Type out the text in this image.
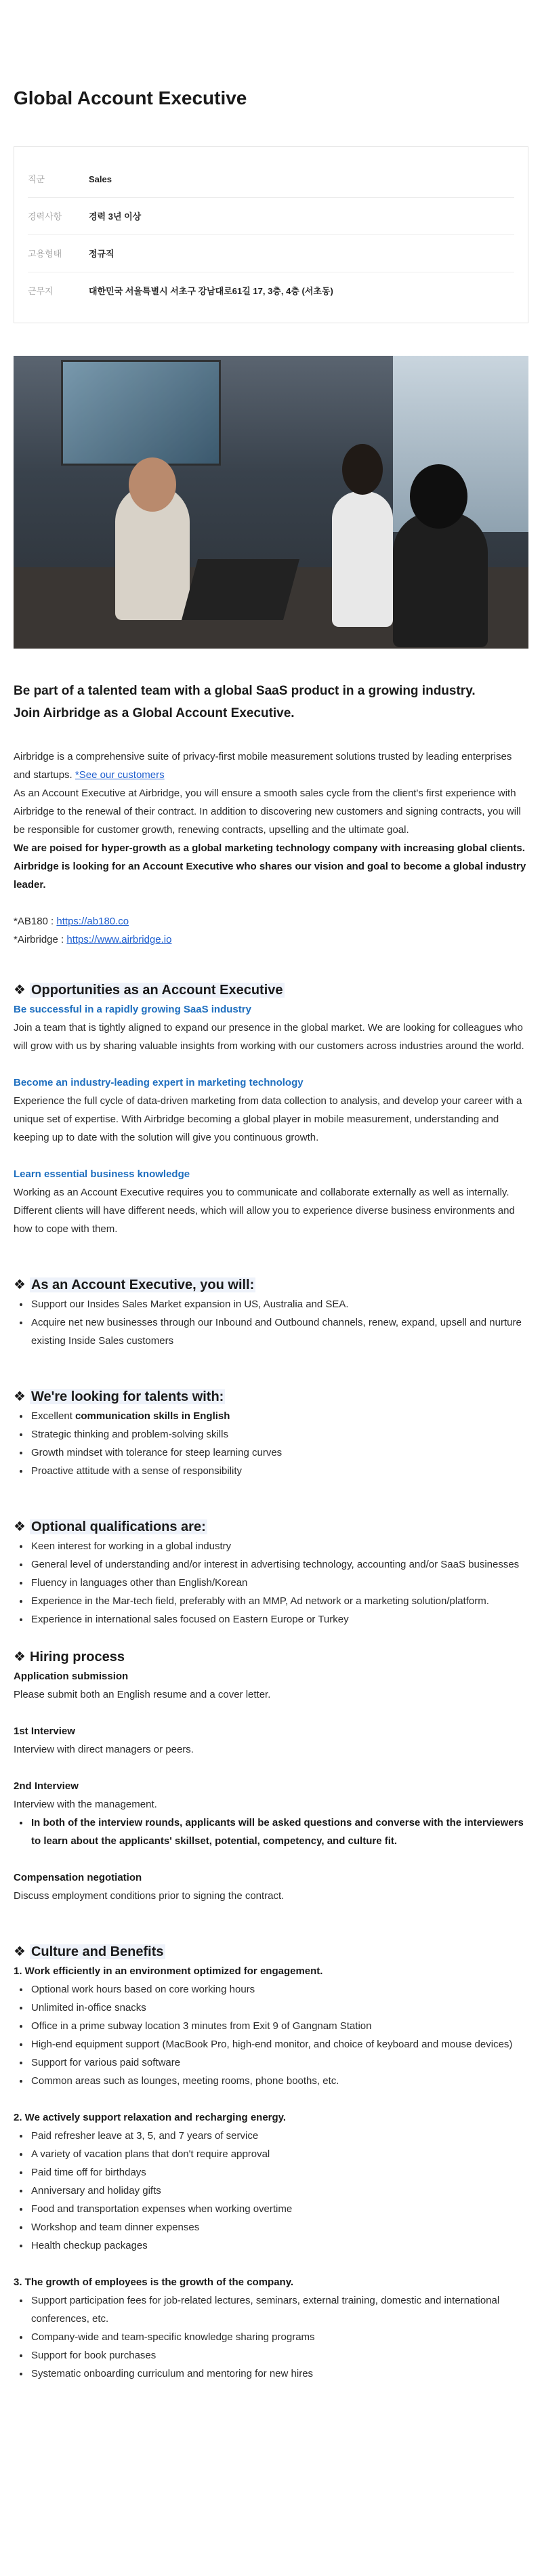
Global Account Executive
직군	Sales
경력사항	경력 3년 이상
고용형태	정규직
근무지	대한민국 서울특별시 서초구 강남대로61길 17, 3층, 4층 (서초동)
Be part of a talented team with a global SaaS product in a growing industry.
Join Airbridge as a Global Account Executive.

Airbridge is a comprehensive suite of privacy-first mobile measurement solutions trusted by leading enterprises and startups. *See our customers

As an Account Executive at Airbridge, you will ensure a smooth sales cycle from the client's first experience with Airbridge to the renewal of their contract. In addition to discovering new customers and signing contracts, you will be responsible for customer growth, renewing contracts, upselling and the ultimate goal.

We are poised for hyper-growth as a global marketing technology company with increasing global clients. Airbridge is looking for an Account Executive who shares our vision and goal to become a global industry leader.

*AB180 : https://ab180.co

*Airbridge : https://www.airbridge.io

❖ Opportunities as an Account Executive

Be successful in a rapidly growing SaaS industry

Join a team that is tightly aligned to expand our presence in the global market. We are looking for colleagues who will grow with us by sharing valuable insights from working with our customers across industries around the world.

Become an industry-leading expert in marketing technology

Experience the full cycle of data-driven marketing from data collection to analysis, and develop your career with a unique set of expertise. With Airbridge becoming a global player in mobile measurement, understanding and keeping up to date with the solution will give you continuous growth.

Learn essential business knowledge

Working as an Account Executive requires you to communicate and collaborate externally as well as internally. Different clients will have different needs, which will allow you to experience diverse business environments and how to cope with them.

❖ As an Account Executive, you will:
• Support our Insides Sales Market expansion in US, Australia and SEA.
• Acquire net new businesses through our Inbound and Outbound channels, renew, expand, upsell and nurture existing Inside Sales customers
❖ We're looking for talents with:
• Excellent communication skills in English
• Strategic thinking and problem-solving skills
• Growth mindset with tolerance for steep learning curves
• Proactive attitude with a sense of responsibility
❖ Optional qualifications are:
• Keen interest for working in a global industry
• General level of understanding and/or interest in advertising technology, accounting and/or SaaS businesses
• Fluency in languages other than English/Korean
• Experience in the Mar-tech field, preferably with an MMP, Ad network or a marketing solution/platform.
• Experience in international sales focused on Eastern Europe or Turkey
❖ Hiring process

Application submission

Please submit both an English resume and a cover letter.

1st Interview

Interview with direct managers or peers.

2nd Interview

Interview with the management.

• In both of the interview rounds, applicants will be asked questions and converse with the interviewers to learn about the applicants' skillset, potential, competency, and culture fit.

Compensation negotiation

Discuss employment conditions prior to signing the contract.

❖ Culture and Benefits

1. Work efficiently in an environment optimized for engagement.

• Optional work hours based on core working hours
• Unlimited in-office snacks
• Office in a prime subway location 3 minutes from Exit 9 of Gangnam Station
• High-end equipment support (MacBook Pro, high-end monitor, and choice of keyboard and mouse devices)
• Support for various paid software
• Common areas such as lounges, meeting rooms, phone booths, etc.

2. We actively support relaxation and recharging energy.

• Paid refresher leave at 3, 5, and 7 years of service
• A variety of vacation plans that don't require approval
• Paid time off for birthdays
• Anniversary and holiday gifts
• Food and transportation expenses when working overtime
• Workshop and team dinner expenses
• Health checkup packages

3. The growth of employees is the growth of the company.

• Support participation fees for job-related lectures, seminars, external training, domestic and international conferences, etc.
• Company-wide and team-specific knowledge sharing programs
• Support for book purchases
• Systematic onboarding curriculum and mentoring for new hires
